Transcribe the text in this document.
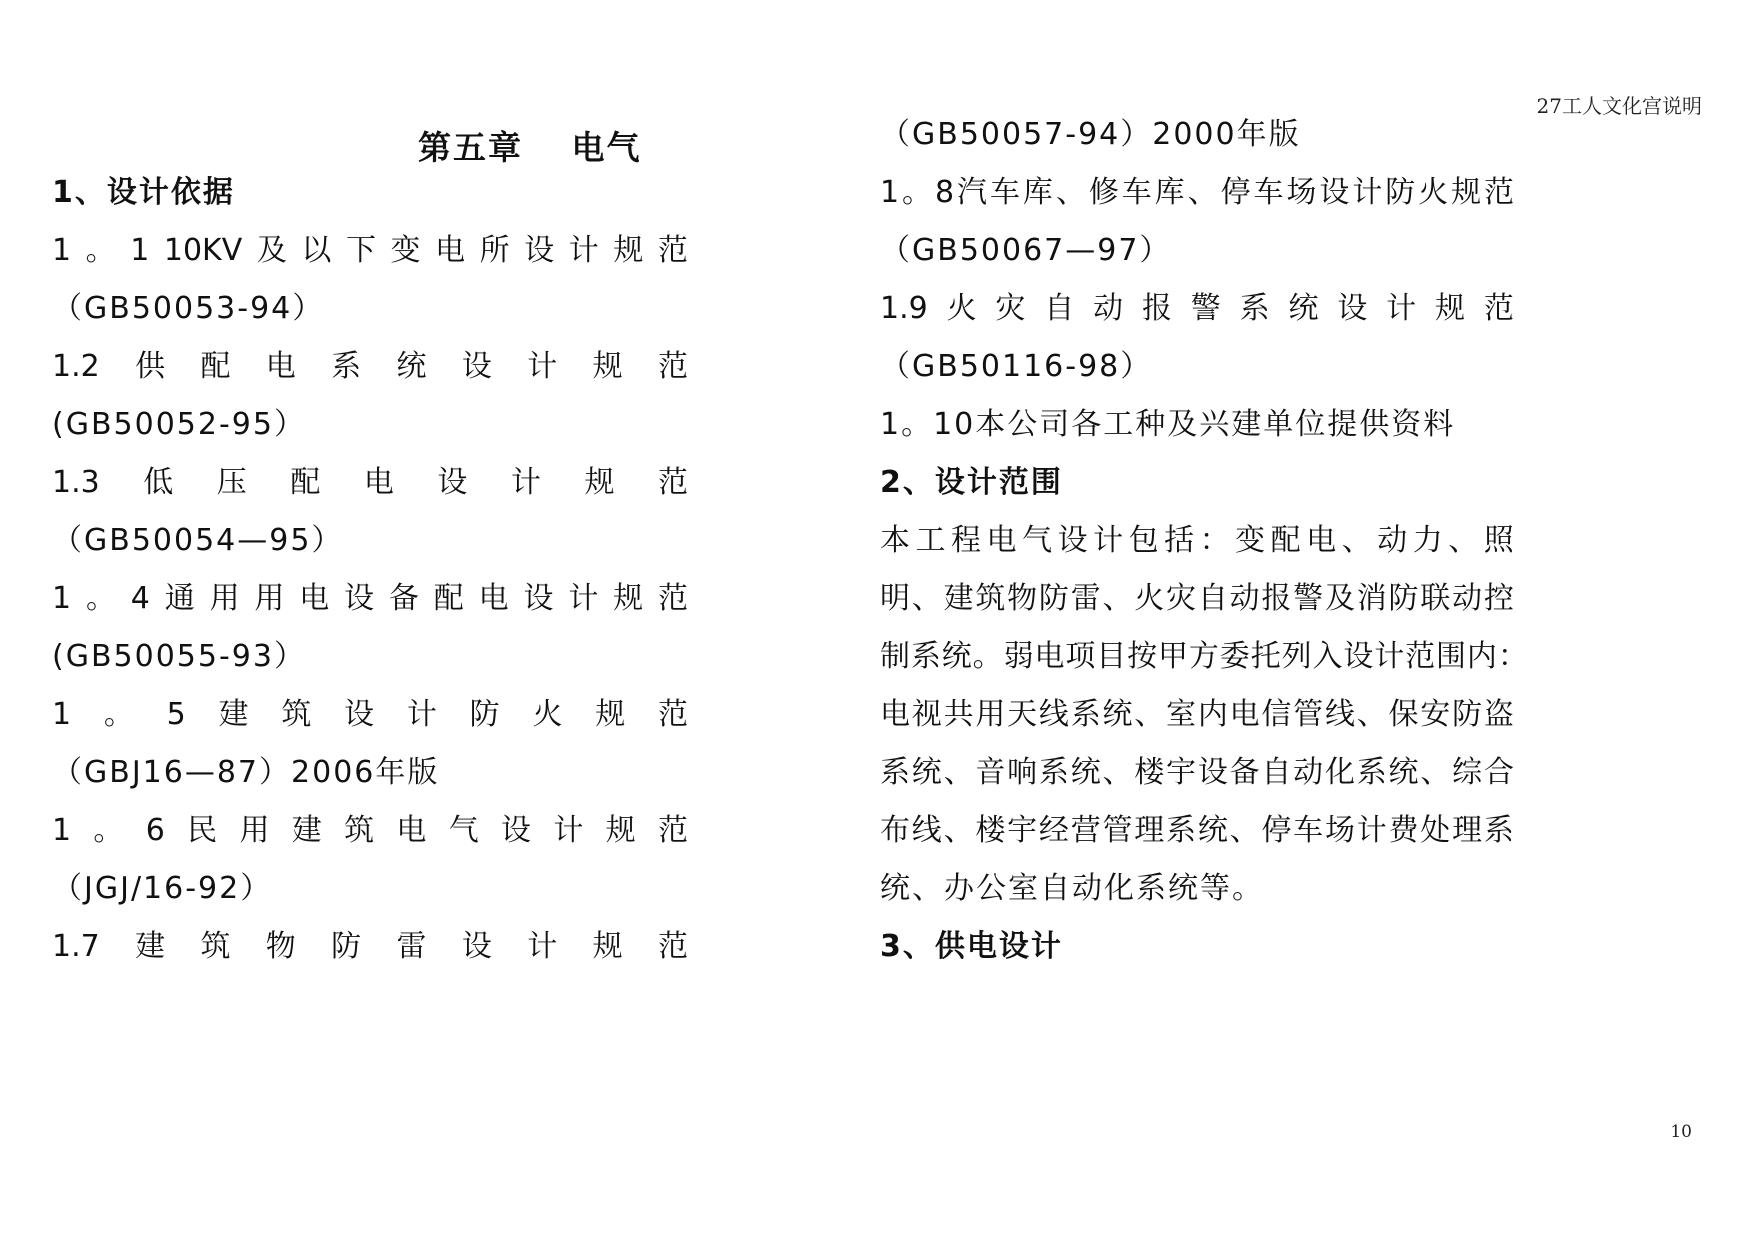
27工人文化宫说明
第五章　 电气
1、设计依据
1 。 1 10KV 及 以 下 变 电 所 设 计 规 范
（GB50053-94）
1.2 供 配 电 系 统 设 计 规 范
(GB50052-95）
1.3 低 压 配 电 设 计 规 范
（GB50054—95）
1 。 4 通 用 用 电 设 备 配 电 设 计 规 范
(GB50055-93）
1 。 5 建 筑 设 计 防 火 规 范
（GBJ16—87）2006年版
1 。 6 民 用 建 筑 电 气 设 计 规 范
（JGJ/16-92）
1.7 建 筑 物 防 雷 设 计 规 范
（GB50057-94）2000年版
1 。 8 汽 车 库 、 修 车 库 、 停 车 场 设 计 防 火 规 范
（GB50067—97）
1.9 火 灾 自 动 报 警 系 统 设 计 规 范
（GB50116-98）
1。10本公司各工种及兴建单位提供资料
2、设计范围
本 工 程 电 气 设 计 包 括 ： 变 配 电 、 动 力 、 照
明 、 建 筑 物 防 雷 、 火 灾 自 动 报 警 及 消 防 联 动 控
制 系 统 。 弱 电 项 目 按 甲 方 委 托 列 入 设 计 范 围 内 ：
电 视 共 用 天 线 系 统 、 室 内 电 信 管 线 、 保 安 防 盗
系 统 、 音 响 系 统 、 楼 宇 设 备 自 动 化 系 统 、 综 合
布 线 、 楼 宇 经 营 管 理 系 统 、 停 车 场 计 费 处 理 系
统、办公室自动化系统等。
3、供电设计
10
